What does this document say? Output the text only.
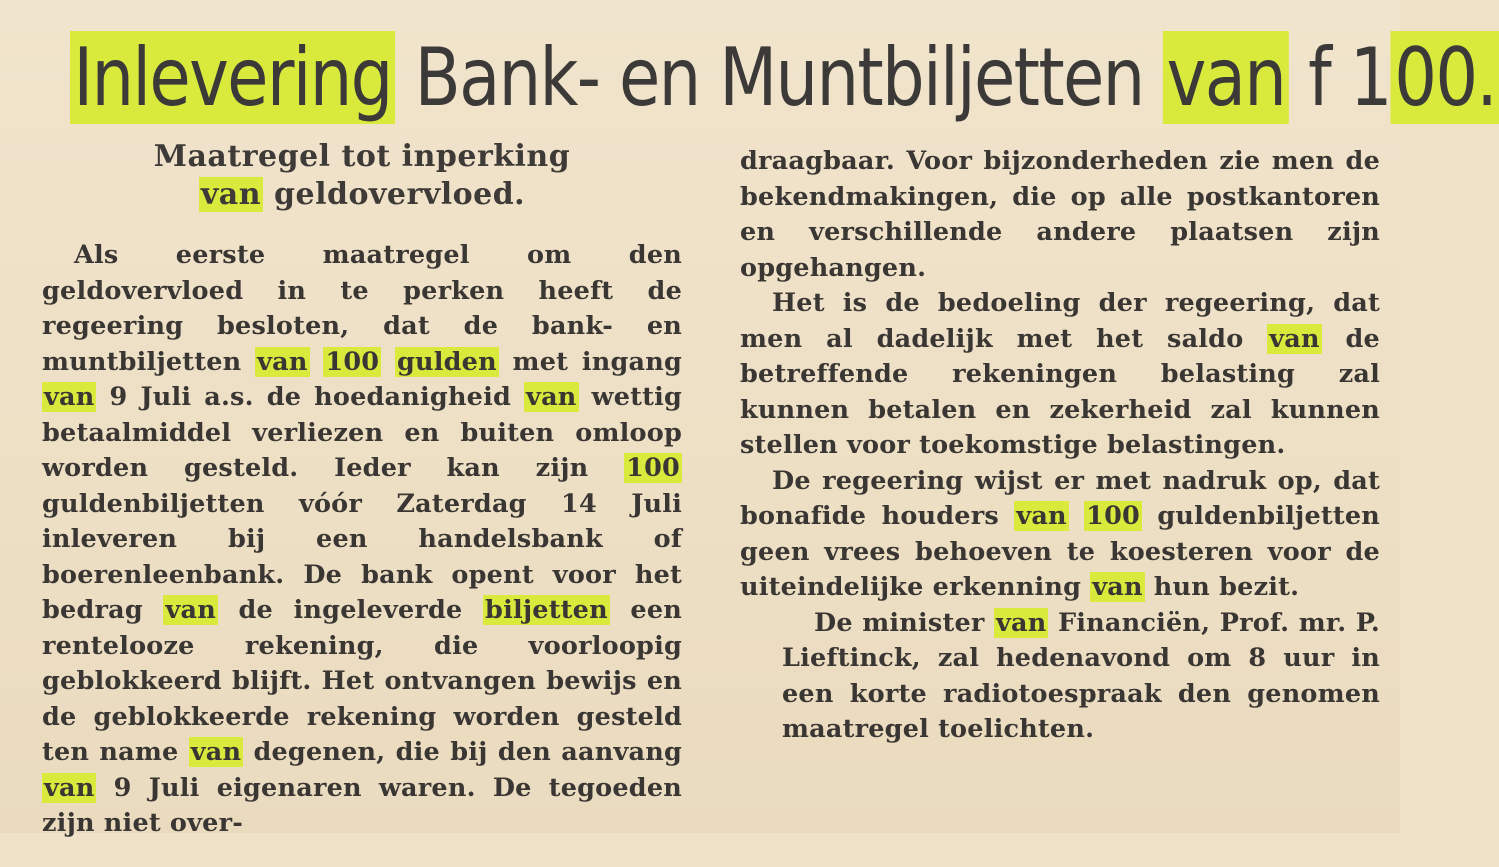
Inlevering Bank- en Muntbiljetten van f 100.
Maatregel tot inperking
van geldovervloed.

Als eerste maatregel om den geldovervloed in te perken heeft de regeering besloten, dat de bank- en muntbiljetten van 100 gulden met ingang van 9 Juli a.s. de hoedanigheid van wettig betaalmiddel verliezen en buiten omloop worden gesteld. Ieder kan zijn 100 guldenbiljetten vóór Zaterdag 14 Juli inleveren bij een handelsbank of boerenleenbank. De bank opent voor het bedrag van de ingeleverde biljetten een rentelooze rekening, die voorloopig geblokkeerd blijft. Het ontvangen bewijs en de geblokkeerde rekening worden gesteld ten name van degenen, die bij den aanvang van 9 Juli eigenaren waren. De tegoeden zijn niet over-

draagbaar. Voor bijzonderheden zie men de bekendmakingen, die op alle postkantoren en verschillende andere plaatsen zijn opgehangen.

Het is de bedoeling der regeering, dat men al dadelijk met het saldo van de betreffende rekeningen belasting zal kunnen betalen en zekerheid zal kunnen stellen voor toekomstige belastingen.

De regeering wijst er met nadruk op, dat bonafide houders van 100 guldenbiljetten geen vrees behoeven te koesteren voor de uiteindelijke erkenning van hun bezit.

De minister van Financiën, Prof. mr. P. Lieftinck, zal hedenavond om 8 uur in een korte radiotoespraak den genomen maatregel toelichten.
